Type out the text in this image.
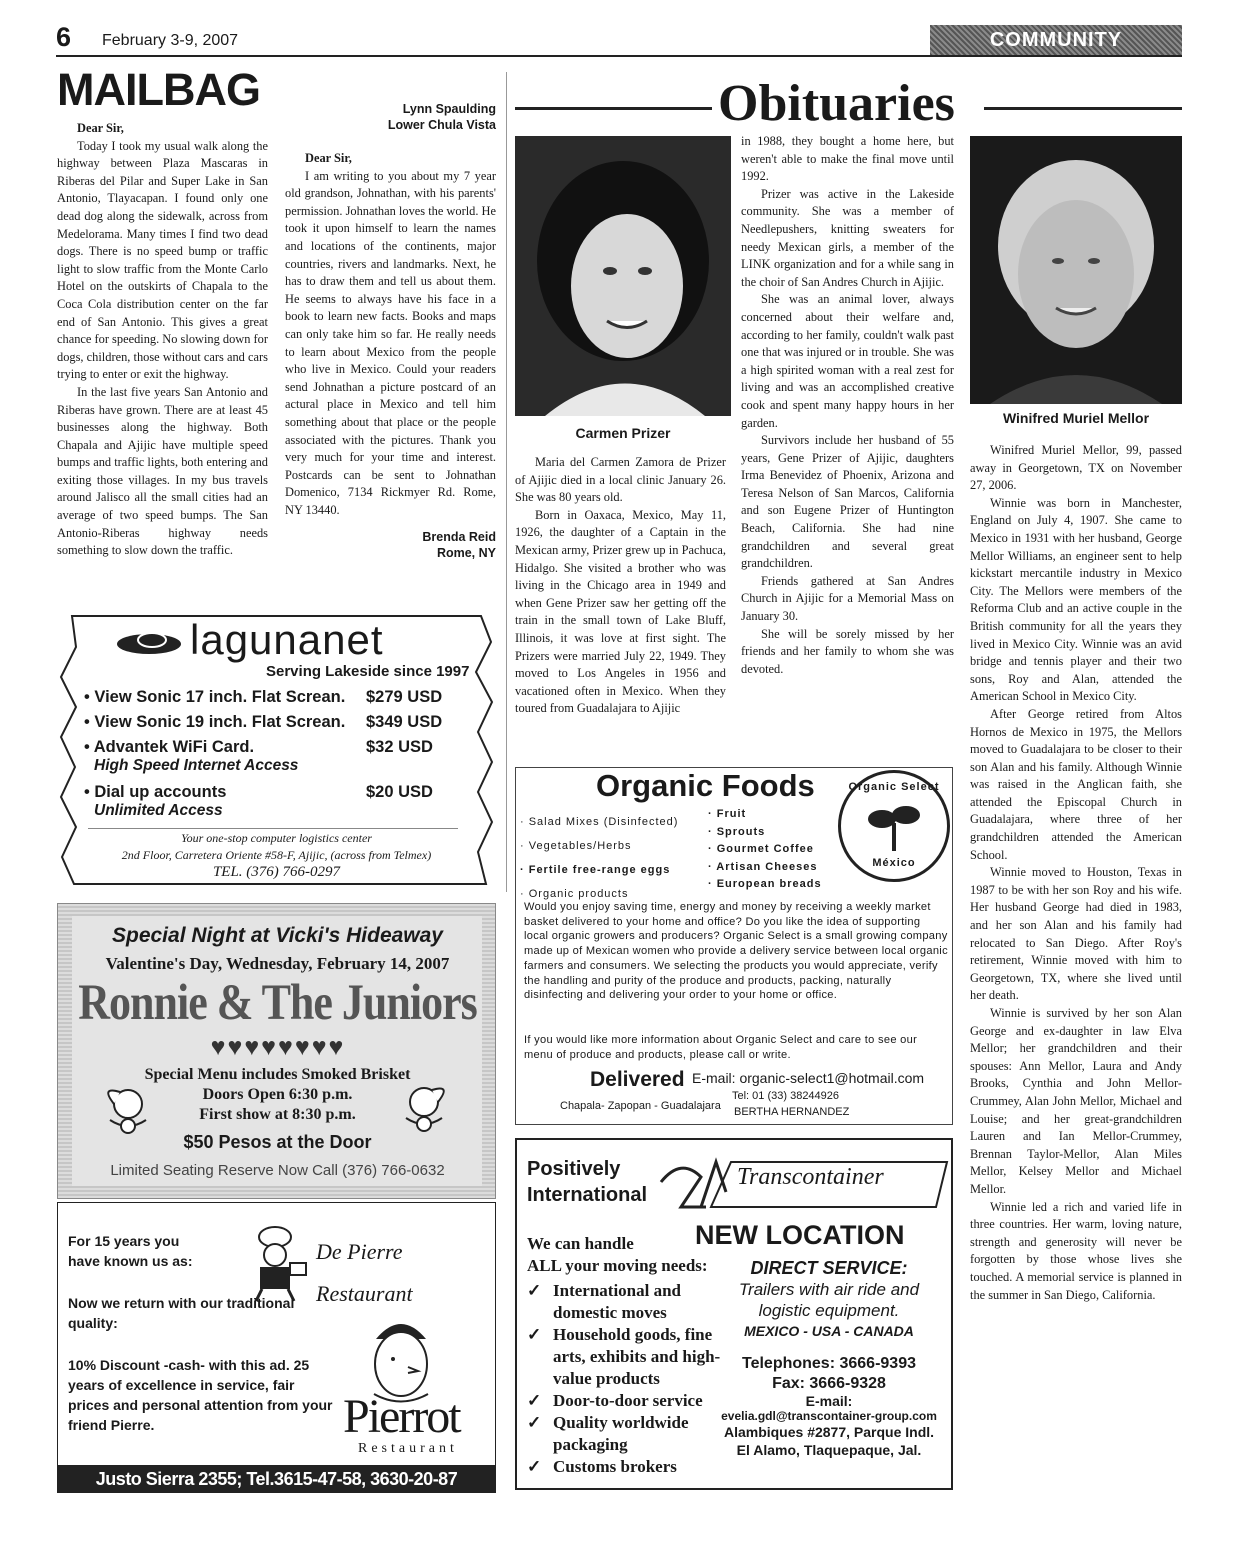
6 February 3-9, 2007	COMMUNITY
MAILBAG

Dear Sir,

Today I took my usual walk along the highway between Plaza Mascaras in Riberas del Pilar and Super Lake in San Antonio, Tlayacapan. I found only one dead dog along the sidewalk, across from Medelorama. Many times I find two dead dogs. There is no speed bump or traffic light to slow traffic from the Monte Carlo Hotel on the outskirts of Chapala to the Coca Cola distribution center on the far end of San Antonio. This gives a great chance for speeding. No slowing down for dogs, children, those without cars and cars trying to enter or exit the highway.

In the last five years San Antonio and Riberas have grown. There are at least 45 businesses along the highway. Both Chapala and Ajijic have multiple speed bumps and traffic lights, both entering and exiting those villages. In my bus travels around Jalisco all the small cities had an average of two speed bumps. The San Antonio-Riberas highway needs something to slow down the traffic.

Lynn Spaulding
Lower Chula Vista

Dear Sir,

I am writing to you about my 7 year old grandson, Johnathan, with his parents' permission. Johnathan loves the world. He took it upon himself to learn the names and locations of the continents, major countries, rivers and landmarks. Next, he has to draw them and tell us about them. He seems to always have his face in a book to learn new facts. Books and maps can only take him so far. He really needs to learn about Mexico from the people who live in Mexico. Could your readers send Johnathan a picture postcard of an actural place in Mexico and tell him something about that place or the people associated with the pictures. Thank you very much for your time and interest. Postcards can be sent to Johnathan Domenico, 7134 Rickmyer Rd. Rome, NY 13440.

Brenda Reid
Rome, NY
lagunanet
Serving Lakeside since 1997
• View Sonic 17 inch. Flat Screan. $279 USD
• View Sonic 19 inch. Flat Screan. $349 USD
• Advantek WiFi Card.	$32 USD
High Speed Internet Access
• Dial up accounts	$20 USD
Unlimited Access
Your one-stop computer logistics center
2nd Floor, Carretera Oriente #58-F, Ajijic, (across from Telmex)
TEL. (376) 766-0297
Special Night at Vicki's Hideaway
Valentine's Day, Wednesday, February 14, 2007
Ronnie & The Juniors
♥♥♥♥♥♥♥♥
Special Menu includes Smoked Brisket
Doors Open 6:30 p.m.
First show at 8:30 p.m.
$50 Pesos at the Door
Limited Seating Reserve Now Call (376) 766-0632
For 15 years you have known us as:	De Pierre
Restaurant
Now we return with our traditional quality:
10% Discount -cash- with this ad. 25 years of excellence in service, fair prices and personal attention from your friend Pierre.	Pierrot
Restaurant
Justo Sierra 2355; Tel.3615-47-58, 3630-20-87
Obituaries
Carmen Prizer

Maria del Carmen Zamora de Prizer of Ajijic died in a local clinic January 26. She was 80 years old.

Born in Oaxaca, Mexico, May 11, 1926, the daughter of a Captain in the Mexican army, Prizer grew up in Pachuca, Hidalgo. She visited a brother who was living in the Chicago area in 1949 and when Gene Prizer saw her getting off the train in the small town of Lake Bluff, Illinois, it was love at first sight. The Prizers were married July 22, 1949. They moved to Los Angeles in 1956 and vacationed often in Mexico. When they toured from Guadalajara to Ajijic

in 1988, they bought a home here, but weren't able to make the final move until 1992.

Prizer was active in the Lakeside community. She was a member of Needlepushers, knitting sweaters for needy Mexican girls, a member of the LINK organization and for a while sang in the choir of San Andres Church in Ajijic.

She was an animal lover, always concerned about their welfare and, according to her family, couldn't walk past one that was injured or in trouble. She was a high spirited woman with a real zest for living and was an accomplished creative cook and spent many happy hours in her garden.

Survivors include her husband of 55 years, Gene Prizer of Ajijic, daughters Irma Benevidez of Phoenix, Arizona and Teresa Nelson of San Marcos, California and son Eugene Prizer of Huntington Beach, California. She had nine grandchildren and several great grandchildren.

Friends gathered at San Andres Church in Ajijic for a Memorial Mass on January 30.

She will be sorely missed by her friends and her family to whom she was devoted.

Winifred Muriel Mellor

Winifred Muriel Mellor, 99, passed away in Georgetown, TX on November 27, 2006.

Winnie was born in Manchester, England on July 4, 1907. She came to Mexico in 1931 with her husband, George Mellor Williams, an engineer sent to help kickstart mercantile industry in Mexico City. The Mellors were members of the Reforma Club and an active couple in the British community for all the years they lived in Mexico City. Winnie was an avid bridge and tennis player and their two sons, Roy and Alan, attended the American School in Mexico City.

After George retired from Altos Hornos de Mexico in 1975, the Mellors moved to Guadalajara to be closer to their son Alan and his family. Although Winnie was raised in the Anglican faith, she attended the Episcopal Church in Guadalajara, where three of her grandchildren attended the American School.

Winnie moved to Houston, Texas in 1987 to be with her son Roy and his wife. Her husband George had died in 1983, and her son Alan and his family had relocated to San Diego. After Roy's retirement, Winnie moved with him to Georgetown, TX, where she lived until her death.

Winnie is survived by her son Alan George and ex-daughter in law Elva Mellor; her grandchildren and their spouses: Ann Mellor, Laura and Andy Brooks, Cynthia and John Mellor-Crummey, Alan John Mellor, Michael and Louise; and her great-grandchildren Lauren and Ian Mellor-Crummey, Brennan Taylor-Mellor, Alan Miles Mellor, Kelsey Mellor and Michael Mellor.

Winnie led a rich and varied life in three countries. Her warm, loving nature, strength and generosity will never be forgotten by those whose lives she touched. A memorial service is planned in the summer in San Diego, California.

Organic Foods
· Salad Mixes (Disinfected)
· Vegetables/Herbs
· Fertile free-range eggs
· Organic products
· Fruit
· Sprouts
· Gourmet Coffee
· Artisan Cheeses
· European breads
Organic Select
México
Would you enjoy saving time, energy and money by receiving a weekly market basket delivered to your home and office? Do you like the idea of supporting local organic growers and producers? Organic Select is a small growing company made up of Mexican women who provide a delivery service between local organic farmers and consumers. We selecting the products you would appreciate, verify the handling and purity of the produce and products, packing, naturally disinfecting and delivering your order to your home or office.
If you would like more information about Organic Select and care to see our menu of produce and products, please call or write.
Delivered
Chapala- Zapopan - Guadalajara
E-mail: organic-select1@hotmail.com
Tel: 01 (33) 38244926
BERTHA HERNANDEZ
Positively
International
Transcontainer
NEW LOCATION
We can handle
ALL your moving needs:
✓ International and domestic moves
✓ Household goods, fine arts, exhibits and high-value products
✓ Door-to-door service
✓ Quality worldwide packaging
✓ Customs brokers
DIRECT SERVICE:
Trailers with air ride and logistic equipment.
MEXICO - USA - CANADA
Telephones: 3666-9393
Fax: 3666-9328
E-mail:
evelia.gdl@transcontainer-group.com
Alambiques #2877, Parque Indl.
El Alamo, Tlaquepaque, Jal.
